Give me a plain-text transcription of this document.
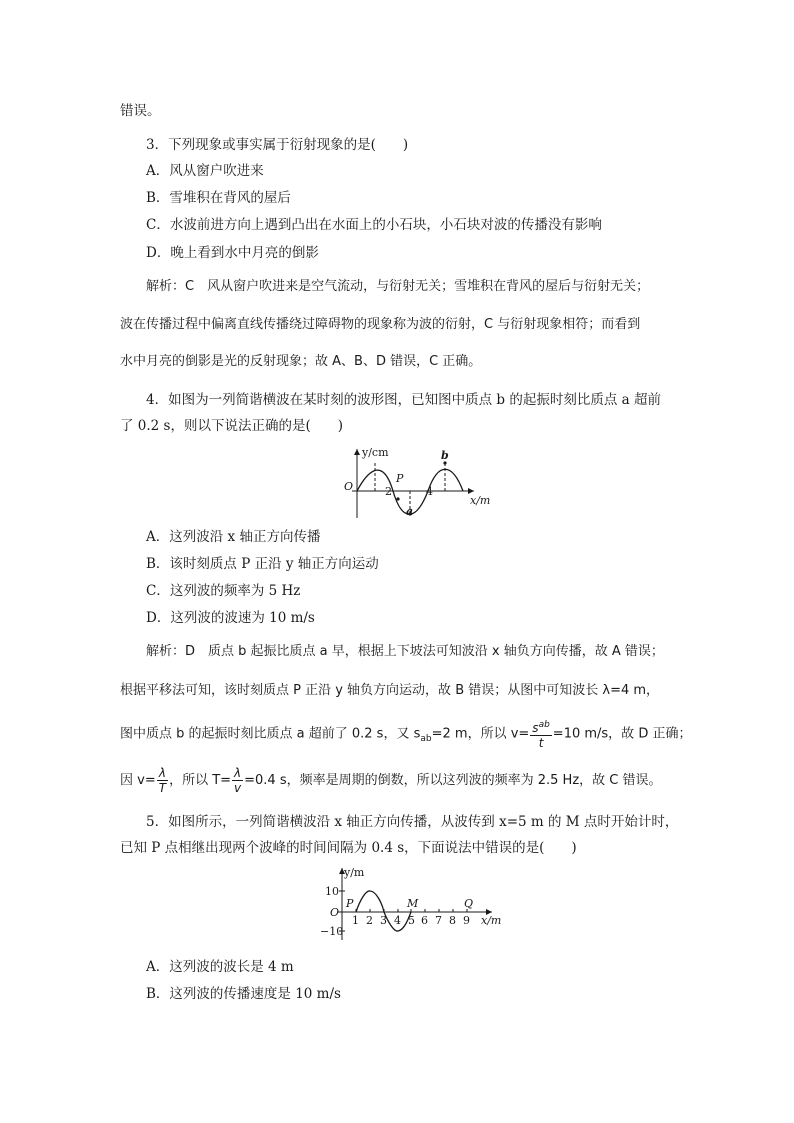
错误。
3．下列现象或事实属于衍射现象的是(　　)
A．风从窗户吹进来
B．雪堆积在背风的屋后
C．水波前进方向上遇到凸出在水面上的小石块，小石块对波的传播没有影响
D．晚上看到水中月亮的倒影
解析：C　风从窗户吹进来是空气流动，与衍射无关；雪堆积在背风的屋后与衍射无关；
波在传播过程中偏离直线传播绕过障碍物的现象称为波的衍射，C 与衍射现象相符；而看到
水中月亮的倒影是光的反射现象；故 A、B、D 错误，C 正确。
4．如图为一列简谐横波在某时刻的波形图，已知图中质点 b 的起振时刻比质点 a 超前
了 0.2 s，则以下说法正确的是(　　)
y/cm
x/m
O	2	4
P
a
b
A．这列波沿 x 轴正方向传播
B．该时刻质点 P 正沿 y 轴正方向运动
C．这列波的频率为 5 Hz
D．这列波的波速为 10 m/s
解析：D　质点 b 起振比质点 a 早，根据上下坡法可知波沿 x 轴负方向传播，故 A 错误；
根据平移法可知，该时刻质点 P 正沿 y 轴负方向运动，故 B 错误；从图中可知波长 λ=4 m，
图中质点 b 的起振时刻比质点 a 超前了 0.2 s，又 $s_{ab}=2$ m，所以 $v= \frac{s^{ab}}{t} =10$ m/s，故 D 正确；
因 $v= \frac{\lambda}{T}$ ，所以 $T= \frac{\lambda}{v} =0.4$ s，频率是周期的倒数，所以这列波的频率为 2.5 Hz，故 C 错误。
5．如图所示，一列简谐横波沿 x 轴正方向传播，从波传到 x=5 m 的 M 点时开始计时，
已知 P 点相继出现两个波峰的时间间隔为 0.4 s，下面说法中错误的是(　　)
y/m
x/m
O
10
−10
1 2 3 4 5 6 7 8 9
P	M	Q
A．这列波的波长是 4 m
B．这列波的传播速度是 10 m/s
